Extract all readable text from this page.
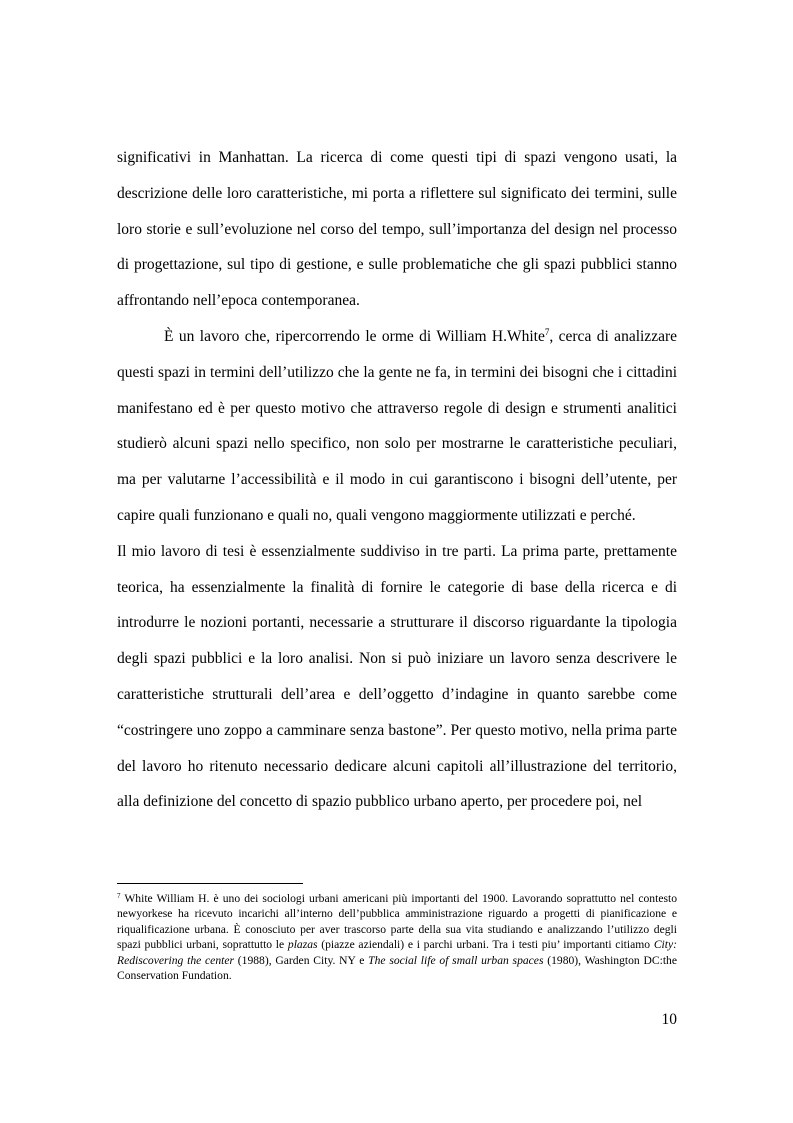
significativi in Manhattan. La ricerca di come questi tipi di spazi vengono usati, la descrizione delle loro caratteristiche, mi porta a riflettere sul significato dei termini, sulle loro storie e sull’evoluzione nel corso del tempo, sull’importanza del design nel processo di progettazione, sul tipo di gestione, e sulle problematiche che gli spazi pubblici stanno affrontando nell’epoca contemporanea.

È un lavoro che, ripercorrendo le orme di William H.White$^7$, cerca di analizzare questi spazi in termini dell’utilizzo che la gente ne fa, in termini dei bisogni che i cittadini manifestano ed è per questo motivo che attraverso regole di design e strumenti analitici studierò alcuni spazi nello specifico, non solo per mostrarne le caratteristiche peculiari, ma per valutarne l’accessibilità e il modo in cui garantiscono i bisogni dell’utente, per capire quali funzionano e quali no, quali vengono maggiormente utilizzati e perché.

Il mio lavoro di tesi è essenzialmente suddiviso in tre parti. La prima parte, prettamente teorica, ha essenzialmente la finalità di fornire le categorie di base della ricerca e di introdurre le nozioni portanti, necessarie a strutturare il discorso riguardante la tipologia degli spazi pubblici e la loro analisi. Non si può iniziare un lavoro senza descrivere le caratteristiche strutturali dell’area e dell’oggetto d’indagine in quanto sarebbe come “costringere uno zoppo a camminare senza bastone”. Per questo motivo, nella prima parte del lavoro ho ritenuto necessario dedicare alcuni capitoli all’illustrazione del territorio, alla definizione del concetto di spazio pubblico urbano aperto, per procedere poi, nel

$^7$ White William H. è uno dei sociologi urbani americani più importanti del 1900. Lavorando soprattutto nel contesto newyorkese ha ricevuto incarichi all’interno dell’pubblica amministrazione riguardo a progetti di pianificazione e riqualificazione urbana. È conosciuto per aver trascorso parte della sua vita studiando e analizzando l’utilizzo degli spazi pubblici urbani, soprattutto le plazas (piazze aziendali) e i parchi urbani. Tra i testi piu’ importanti citiamo City: Rediscovering the center (1988), Garden City. NY e The social life of small urban spaces (1980), Washington DC:the Conservation Fundation.

10
